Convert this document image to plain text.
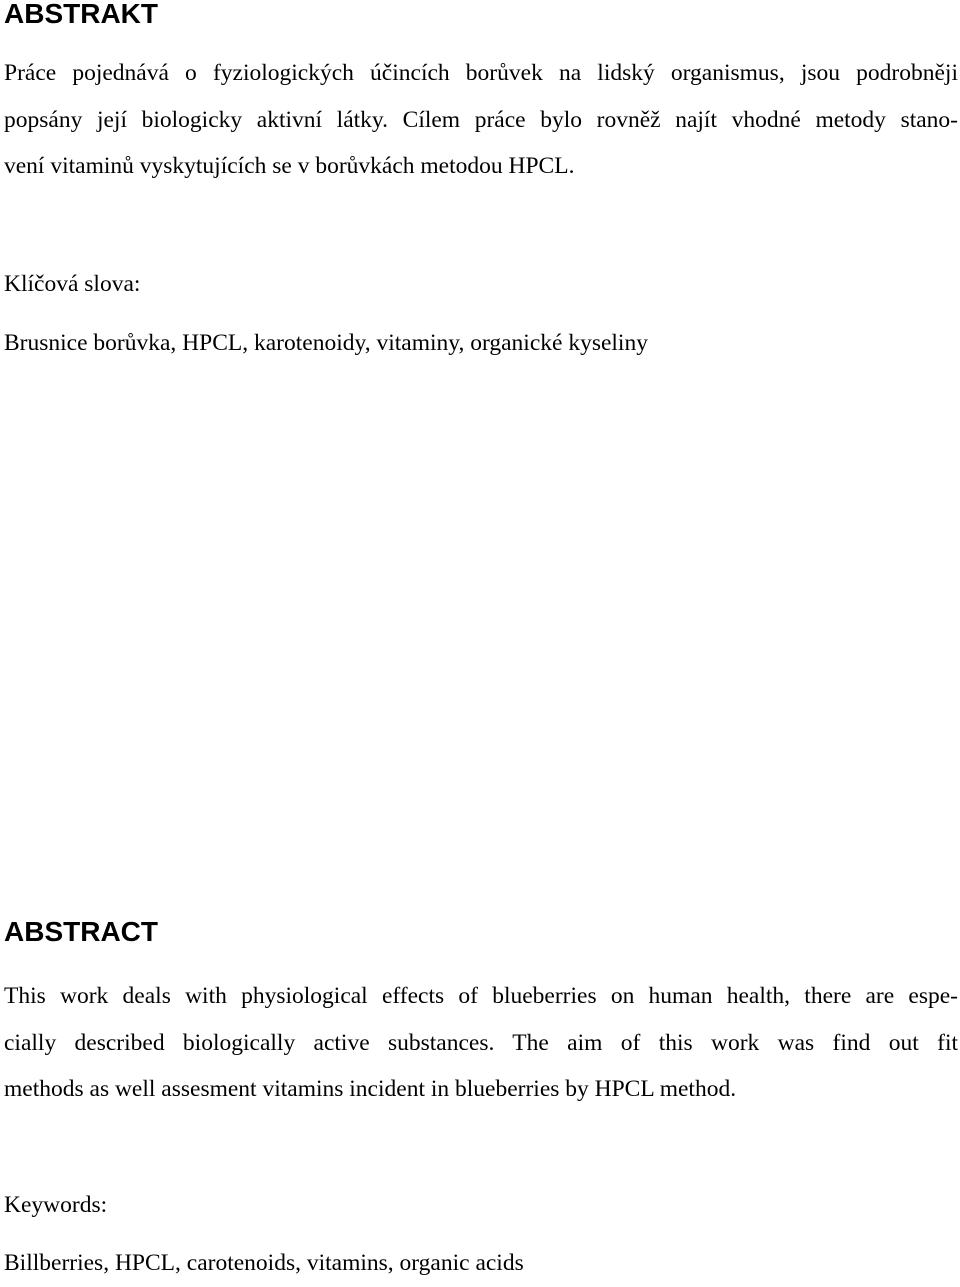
ABSTRAKT
Práce pojednává o fyziologických účincích borůvek na lidský organismus, jsou podrobněji
popsány její biologicky aktivní látky. Cílem práce bylo rovněž najít vhodné metody stano-
vení vitaminů vyskytujících se v borůvkách metodou HPCL.
Klíčová slova:
Brusnice borůvka, HPCL, karotenoidy, vitaminy, organické kyseliny
ABSTRACT
This work deals with physiological effects of blueberries on human health, there are espe-
cially described biologically active substances. The aim of this work was find out fit
methods as well assesment vitamins incident in blueberries by HPCL method.
Keywords:
Billberries, HPCL, carotenoids, vitamins, organic acids
